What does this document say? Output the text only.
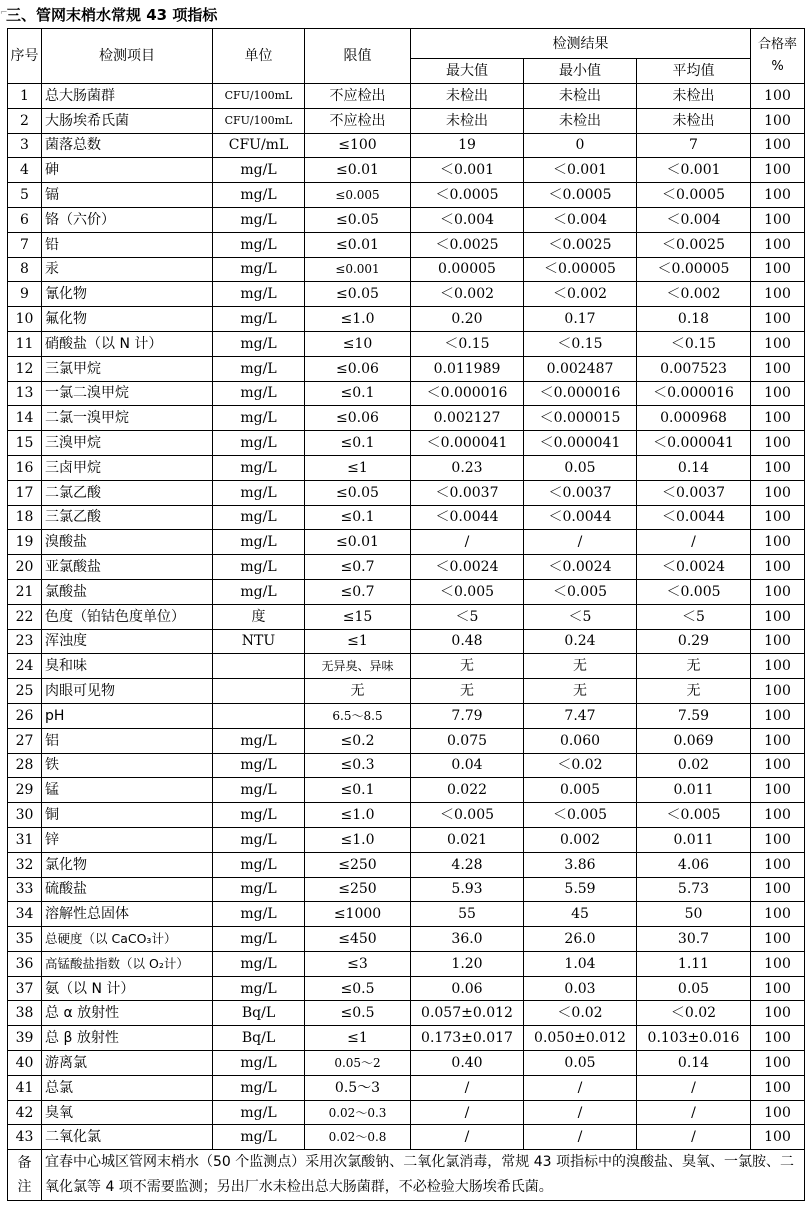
⌐
三、管网末梢水常规 43 项指标
序号	检测项目	单位	限值	检测结果			合格率
%
				最大值	最小值	平均值	
1	总大肠菌群	CFU/100mL	不应检出	未检出	未检出	未检出	100
2	大肠埃希氏菌	CFU/100mL	不应检出	未检出	未检出	未检出	100
3	菌落总数	CFU/mL	≤100	19	0	7	100
4	砷	mg/L	≤0.01	＜0.001	＜0.001	＜0.001	100
5	镉	mg/L	≤0.005	＜0.0005	＜0.0005	＜0.0005	100
6	铬（六价）	mg/L	≤0.05	＜0.004	＜0.004	＜0.004	100
7	铅	mg/L	≤0.01	＜0.0025	＜0.0025	＜0.0025	100
8	汞	mg/L	≤0.001	0.00005	＜0.00005	＜0.00005	100
9	氰化物	mg/L	≤0.05	＜0.002	＜0.002	＜0.002	100
10	氟化物	mg/L	≤1.0	0.20	0.17	0.18	100
11	硝酸盐（以 N 计）	mg/L	≤10	＜0.15	＜0.15	＜0.15	100
12	三氯甲烷	mg/L	≤0.06	0.011989	0.002487	0.007523	100
13	一氯二溴甲烷	mg/L	≤0.1	＜0.000016	＜0.000016	＜0.000016	100
14	二氯一溴甲烷	mg/L	≤0.06	0.002127	＜0.000015	0.000968	100
15	三溴甲烷	mg/L	≤0.1	＜0.000041	＜0.000041	＜0.000041	100
16	三卤甲烷	mg/L	≤1	0.23	0.05	0.14	100
17	二氯乙酸	mg/L	≤0.05	＜0.0037	＜0.0037	＜0.0037	100
18	三氯乙酸	mg/L	≤0.1	＜0.0044	＜0.0044	＜0.0044	100
19	溴酸盐	mg/L	≤0.01	/	/	/	100
20	亚氯酸盐	mg/L	≤0.7	＜0.0024	＜0.0024	＜0.0024	100
21	氯酸盐	mg/L	≤0.7	＜0.005	＜0.005	＜0.005	100
22	色度（铂钴色度单位）	度	≤15	＜5	＜5	＜5	100
23	浑浊度	NTU	≤1	0.48	0.24	0.29	100
24	臭和味		无异臭、异味	无	无	无	100
25	肉眼可见物		无	无	无	无	100
26	pH		6.5～8.5	7.79	7.47	7.59	100
27	铝	mg/L	≤0.2	0.075	0.060	0.069	100
28	铁	mg/L	≤0.3	0.04	＜0.02	0.02	100
29	锰	mg/L	≤0.1	0.022	0.005	0.011	100
30	铜	mg/L	≤1.0	＜0.005	＜0.005	＜0.005	100
31	锌	mg/L	≤1.0	0.021	0.002	0.011	100
32	氯化物	mg/L	≤250	4.28	3.86	4.06	100
33	硫酸盐	mg/L	≤250	5.93	5.59	5.73	100
34	溶解性总固体	mg/L	≤1000	55	45	50	100
35	总硬度（以 CaCO₃计）	mg/L	≤450	36.0	26.0	30.7	100
36	高锰酸盐指数（以 O₂计）	mg/L	≤3	1.20	1.04	1.11	100
37	氨（以 N 计）	mg/L	≤0.5	0.06	0.03	0.05	100
38	总 α 放射性	Bq/L	≤0.5	0.057±0.012	＜0.02	＜0.02	100
39	总 β 放射性	Bq/L	≤1	0.173±0.017	0.050±0.012	0.103±0.016	100
40	游离氯	mg/L	0.05～2	0.40	0.05	0.14	100
41	总氯	mg/L	0.5～3	/	/	/	100
42	臭氧	mg/L	0.02～0.3	/	/	/	100
43	二氧化氯	mg/L	0.02～0.8	/	/	/	100
备注	宜春中心城区管网末梢水（50 个监测点）采用次氯酸钠、二氧化氯消毒，常规 43 项指标中的溴酸盐、臭氧、一氯胺、二氧化氯等 4 项不需要监测；另出厂水未检出总大肠菌群，不必检验大肠埃希氏菌。						
